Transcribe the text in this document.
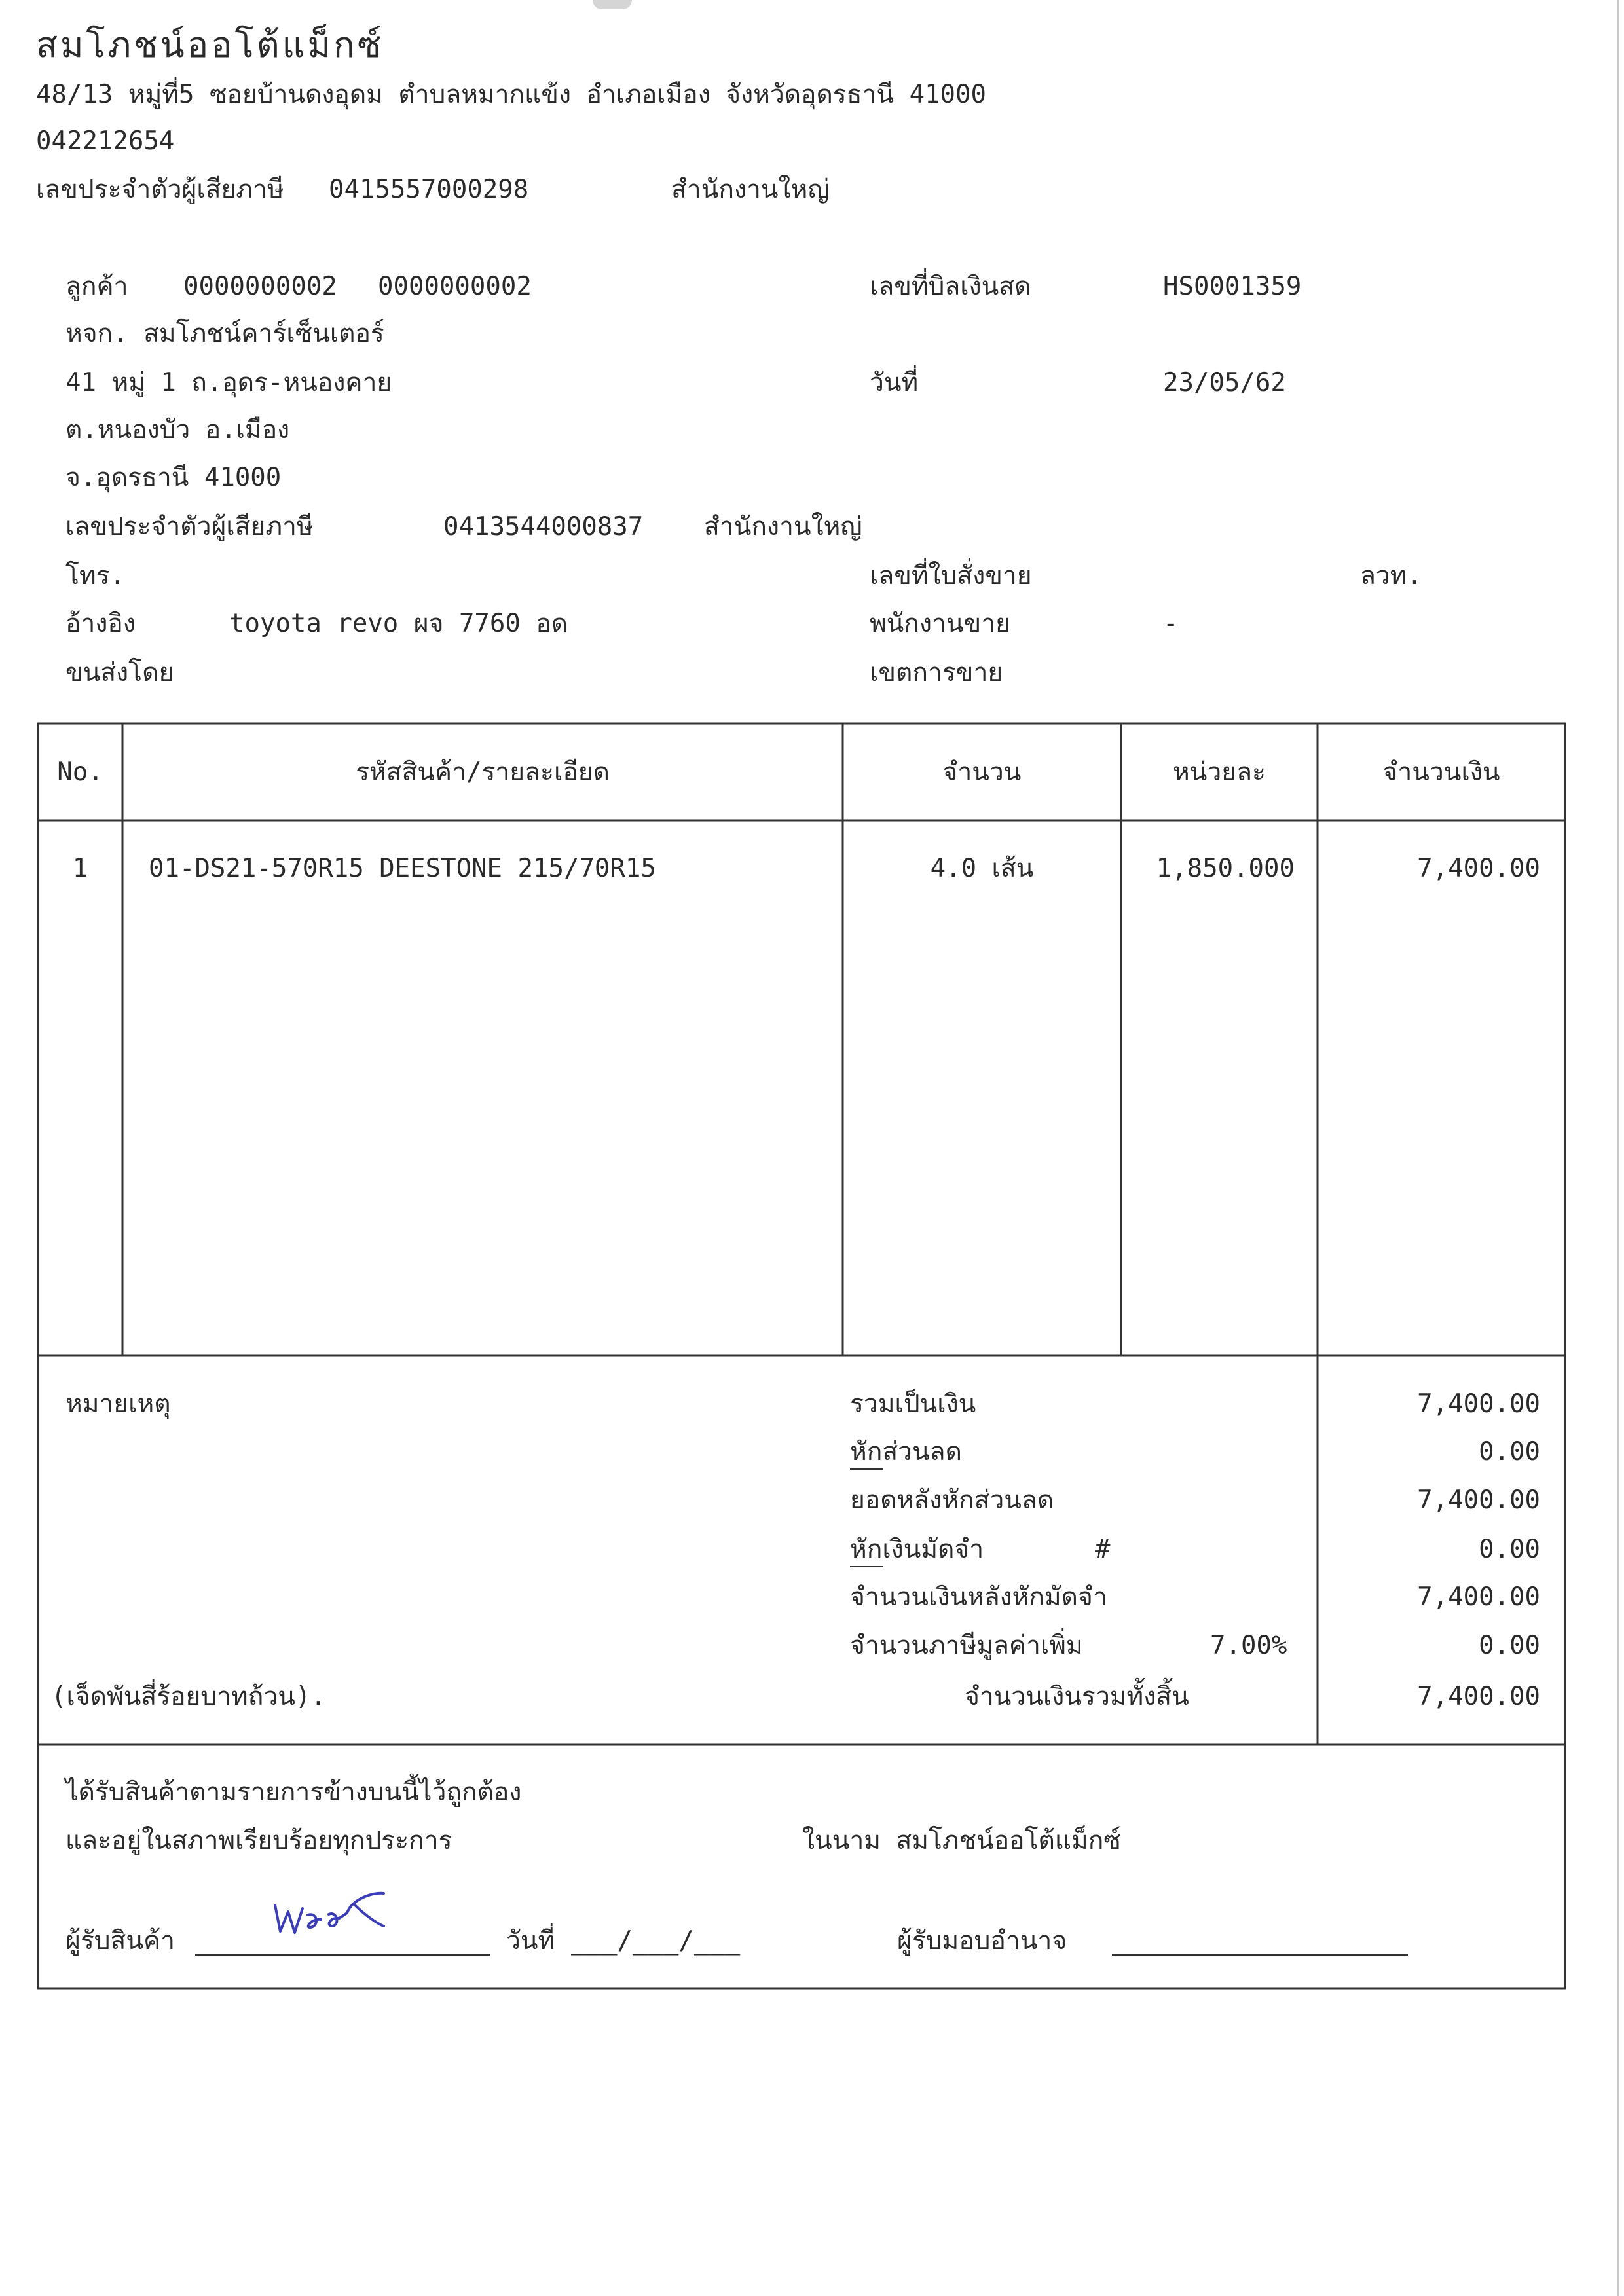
สมโภชน์ออโต้แม็กซ์
48/13 หมู่ที่5 ซอยบ้านดงอุดม ตำบลหมากแข้ง อำเภอเมือง จังหวัดอุดรธานี 41000
042212654
เลขประจำตัวผู้เสียภาษี 0415557000298	สำนักงานใหญ่
ลูกค้า 0000000002 0000000002
หจก. สมโภชน์คาร์เซ็นเตอร์
41 หมู่ 1 ถ.อุดร-หนองคาย
ต.หนองบัว อ.เมือง
จ.อุดรธานี 41000
เลขประจำตัวผู้เสียภาษี	0413544000837 สำนักงานใหญ่
โทร.
อ้างอิง	toyota revo ผจ 7760 อด
ขนส่งโดย
เลขที่บิลเงินสด	HS0001359
วันที่	23/05/62
เลขที่ใบสั่งขาย	ลวท.
พนักงานขาย	-
เขตการขาย
No.	รหัสสินค้า/รายละเอียด	จำนวน	หน่วยละ	จำนวนเงิน
1	01-DS21-570R15 DEESTONE 215/70R15	4.0 เส้น	1,850.000	7,400.00
หมายเหตุ	รวมเป็นเงิน	7,400.00
หักส่วนลด	0.00
ยอดหลังหักส่วนลด	7,400.00
หักเงินมัดจำ	#	0.00
จำนวนเงินหลังหักมัดจำ	7,400.00
จำนวนภาษีมูลค่าเพิ่ม	7.00%	0.00
(เจ็ดพันสี่ร้อยบาทถ้วน).	จำนวนเงินรวมทั้งสิ้น	7,400.00
ได้รับสินค้าตามรายการข้างบนนี้ไว้ถูกต้อง
และอยู่ในสภาพเรียบร้อยทุกประการ	ในนาม สมโภชน์ออโต้แม็กซ์
ผู้รับสินค้า	วันที่ ___/___/___	ผู้รับมอบอำนาจ
